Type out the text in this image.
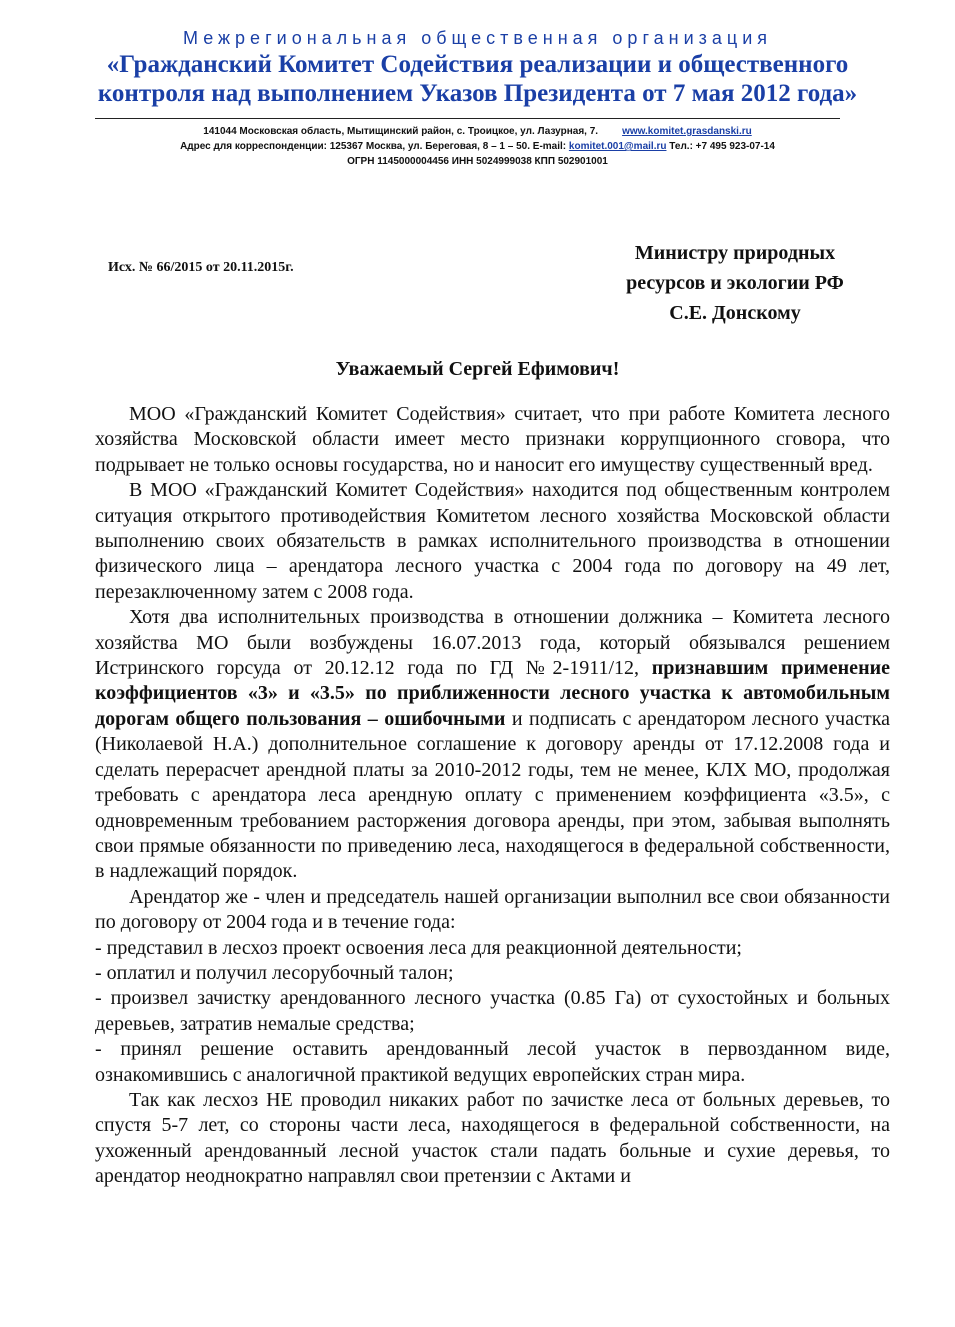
Межрегиональная общественная организация
«Гражданский Комитет Содействия реализации и общественного
контроля над выполнением Указов Президента от 7 мая 2012 года»
141044 Московская область, Мытищинский район, с. Троицкое, ул. Лазурная, 7. www.komitet.grasdanski.ru
Адрес для корреспонденции: 125367 Москва, ул. Береговая, 8 – 1 – 50. E-mail: komitet.001@mail.ru Тел.: +7 495 923-07-14
ОГРН 1145000004456 ИНН 5024999038 КПП 502901001
Исх. № 66/2015 от 20.11.2015г.
Министру природных
ресурсов и экологии РФ
С.Е. Донскому
Уважаемый Сергей Ефимович!

МОО «Гражданский Комитет Содействия» считает, что при работе Комитета лесного хозяйства Московской области имеет место признаки коррупционного сговора, что подрывает не только основы государства, но и наносит его имуществу существенный вред.

В МОО «Гражданский Комитет Содействия» находится под общественным контролем ситуация открытого противодействия Комитетом лесного хозяйства Московской области выполнению своих обязательств в рамках исполнительного производства в отношении физического лица – арендатора лесного участка с 2004 года по договору на 49 лет, перезаключенному затем с 2008 года.

Хотя два исполнительных производства в отношении должника – Комитета лесного хозяйства МО были возбуждены 16.07.2013 года, который обязывался решением Истринского горсуда от 20.12.12 года по ГД №2-1911/12, признавшим применение коэффициентов «3» и «3.5» по приближенности лесного участка к автомобильным дорогам общего пользования – ошибочными и подписать с арендатором лесного участка (Николаевой Н.А.) дополнительное соглашение к договору аренды от 17.12.2008 года и сделать перерасчет арендной платы за 2010-2012 годы, тем не менее, КЛХ МО, продолжая требовать с арендатора леса арендную оплату с применением коэффициента «3.5», с одновременным требованием расторжения договора аренды, при этом, забывая выполнять свои прямые обязанности по приведению леса, находящегося в федеральной собственности, в надлежащий порядок.

Арендатор же - член и председатель нашей организации выполнил все свои обязанности по договору от 2004 года и в течение года:

- представил в лесхоз проект освоения леса для реакционной деятельности;

- оплатил и получил лесорубочный талон;

- произвел зачистку арендованного лесного участка (0.85 Га) от сухостойных и больных деревьев, затратив немалые средства;

- принял решение оставить арендованный лесой участок в первозданном виде, ознакомившись с аналогичной практикой ведущих европейских стран мира.

Так как лесхоз НЕ проводил никаких работ по зачистке леса от больных деревьев, то спустя 5-7 лет, со стороны части леса, находящегося в федеральной собственности, на ухоженный арендованный лесной участок стали падать больные и сухие деревья, то арендатор неоднократно направлял свои претензии с Актами и
